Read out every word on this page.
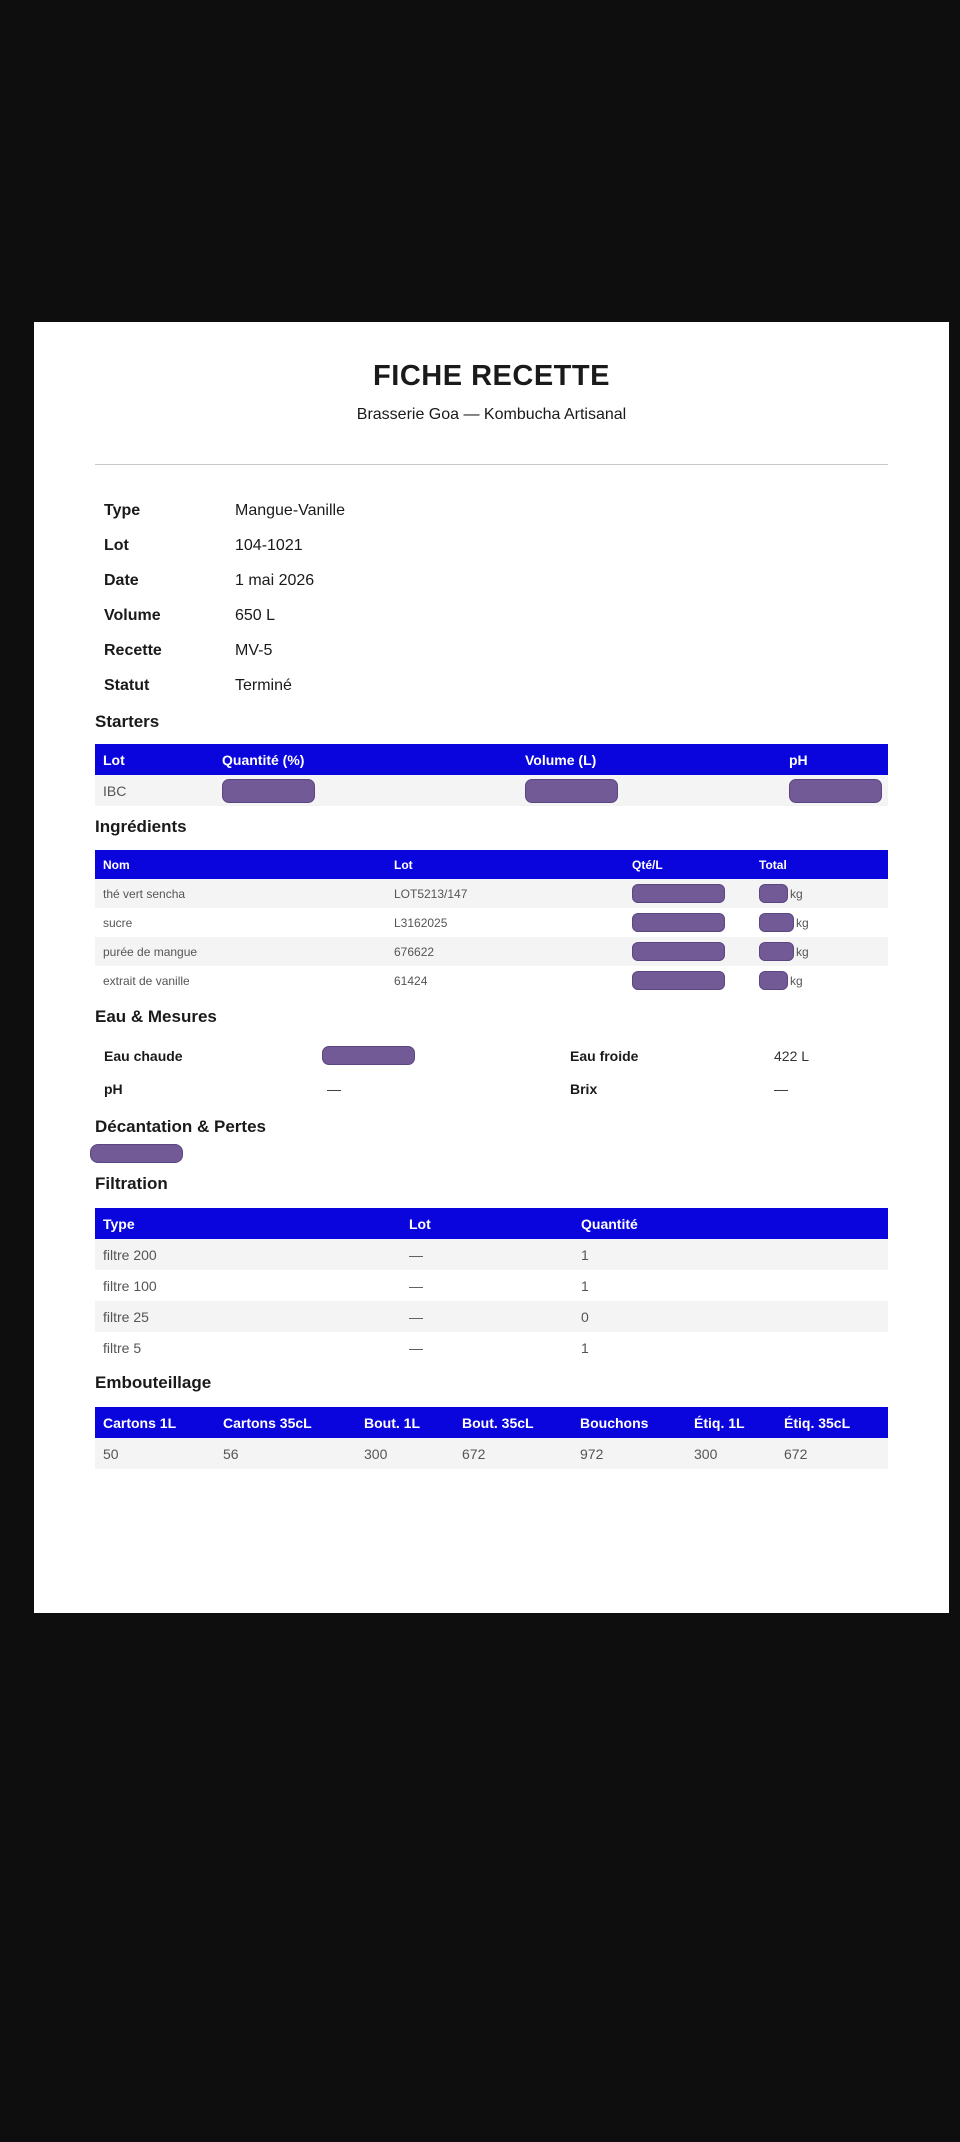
FICHE RECETTE
Brasserie Goa — Kombucha Artisanal
Type	Mangue-Vanille
Lot	104-1021
Date	1 mai 2026
Volume	650 L
Recette	MV-5
Statut	Terminé
Starters
Lot	Quantité (%)	Volume (L)	pH
IBC			
Ingrédients
Nom	Lot	Qté/L	Total
thé vert sencha	LOT5213/147		kg
sucre	L3162025		kg
purée de mangue	676622		kg
extrait de vanille	61424		kg
Eau & Mesures
Eau chaude		Eau froide	422 L
pH	—	Brix	—
Décantation & Pertes
Filtration
Type	Lot	Quantité
filtre 200	—	1
filtre 100	—	1
filtre 25	—	0
filtre 5	—	1
Embouteillage
Cartons 1L	Cartons 35cL	Bout. 1L	Bout. 35cL	Bouchons	Étiq. 1L	Étiq. 35cL
50	56	300	672	972	300	672
